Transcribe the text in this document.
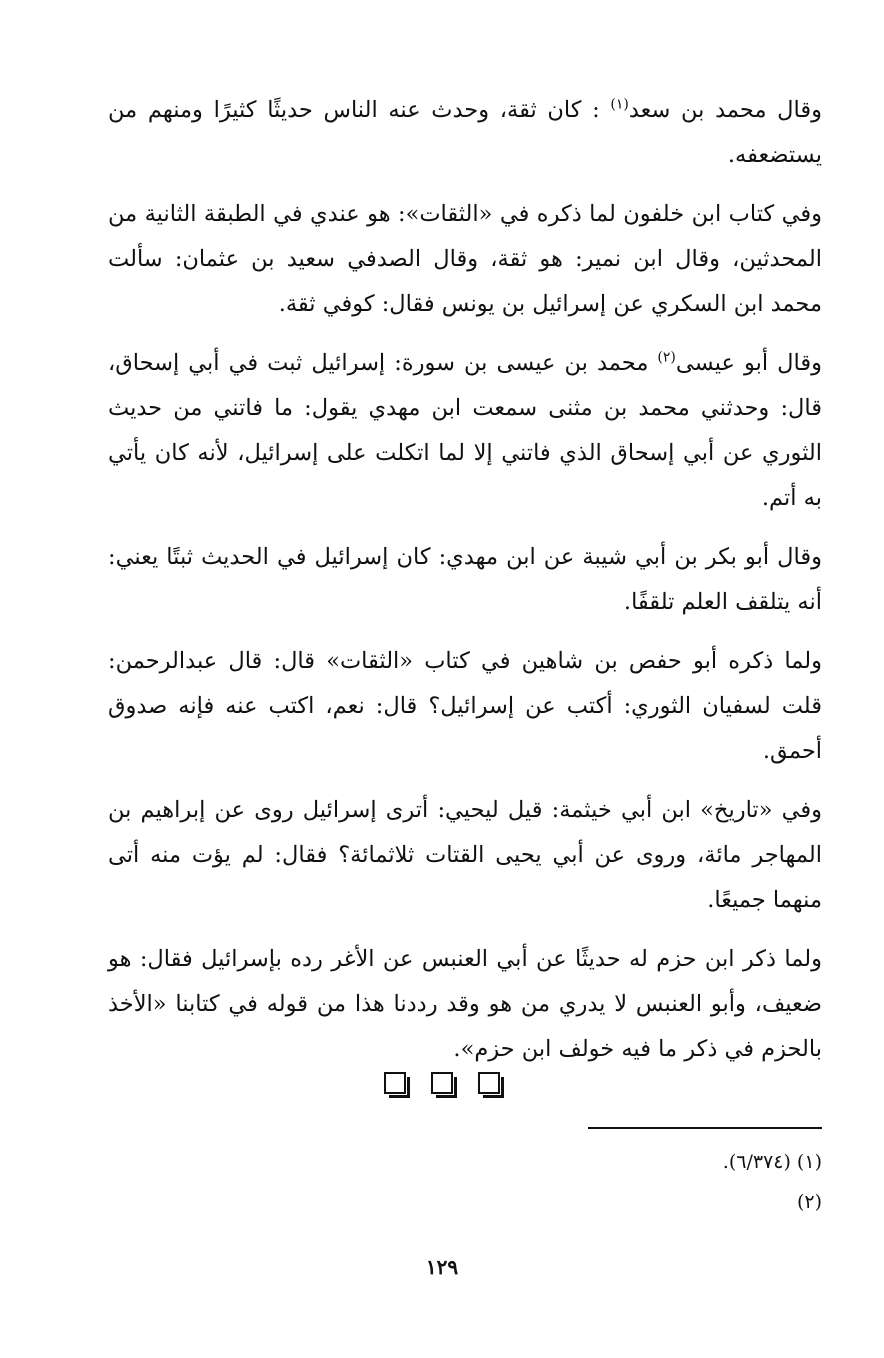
وقال محمد بن سعد$^{(١)}$ : كان ثقة، وحدث عنه الناس حديثًا كثيرًا ومنهم من يستضعفه.

وفي كتاب ابن خلفون لما ذكره في «الثقات»: هو عندي في الطبقة الثانية من المحدثين، وقال ابن نمير: هو ثقة، وقال الصدفي سعيد بن عثمان: سألت محمد ابن السكري عن إسرائيل بن يونس فقال: كوفي ثقة.

وقال أبو عيسى$^{(٢)}$ محمد بن عيسى بن سورة: إسرائيل ثبت في أبي إسحاق، قال: وحدثني محمد بن مثنى سمعت ابن مهدي يقول: ما فاتني من حديث الثوري عن أبي إسحاق الذي فاتني إلا لما اتكلت على إسرائيل، لأنه كان يأتي به أتم.

وقال أبو بكر بن أبي شيبة عن ابن مهدي: كان إسرائيل في الحديث ثبتًا يعني: أنه يتلقف العلم تلقفًا.

ولما ذكره أبو حفص بن شاهين في كتاب «الثقات» قال: قال عبدالرحمن: قلت لسفيان الثوري: أكتب عن إسرائيل؟ قال: نعم، اكتب عنه فإنه صدوق أحمق.

وفي «تاريخ» ابن أبي خيثمة: قيل ليحيي: أترى إسرائيل روى عن إبراهيم بن المهاجر مائة، وروى عن أبي يحيى القتات ثلاثمائة؟ فقال: لم يؤت منه أتى منهما جميعًا.

ولما ذكر ابن حزم له حديثًا عن أبي العنبس عن الأغر رده بإسرائيل فقال: هو ضعيف، وأبو العنبس لا يدري من هو وقد رددنا هذا من قوله في كتابنا «الأخذ بالحزم في ذكر ما فيه خولف ابن حزم».

(١) (٦/٣٧٤).
(٢)
١٢٩
